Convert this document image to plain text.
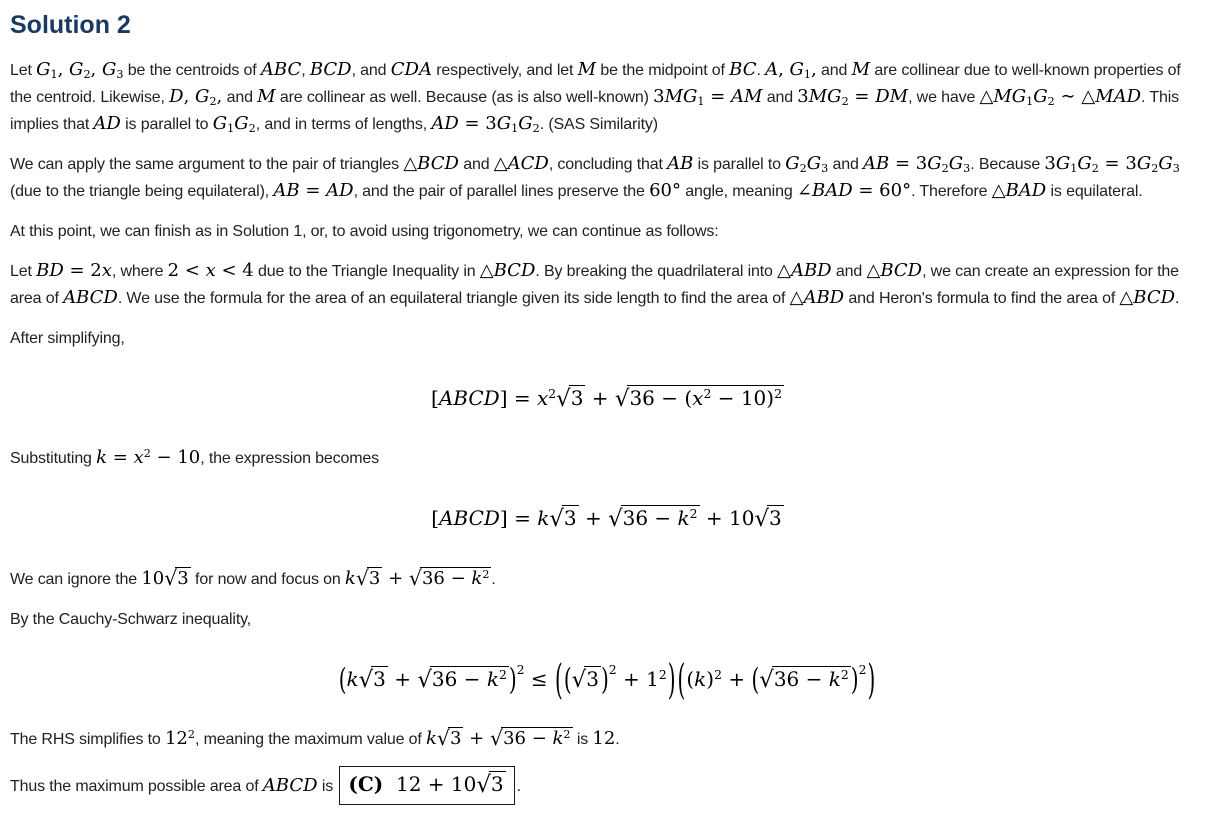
Solution 2

Let $G_1$, $G_2$, $G_3$ be the centroids of ABC, BCD, and CDA respectively, and let M be the midpoint of BC. A, $G_1$, and M are collinear due to well-known properties of the centroid. Likewise, D, $G_2$, and M are collinear as well. Because (as is also well-known) $3MG_1$ = AM and $3MG_2$ = DM, we have $\triangle MG_1G_2$ ∼ △MAD. This implies that AD is parallel to $G_1G_2$, and in terms of lengths, AD = $3G_1G_2$. (SAS Similarity)

We can apply the same argument to the pair of triangles △BCD and △ACD, concluding that AB is parallel to $G_2G_3$ and AB = $3G_2G_3$. Because $3G_1G_2 = 3G_2G_3$ (due to the triangle being equilateral), AB = AD, and the pair of parallel lines preserve the 60° angle, meaning ∠BAD = 60°. Therefore △BAD is equilateral.

At this point, we can finish as in Solution 1, or, to avoid using trigonometry, we can continue as follows:

Let BD = 2x, where 2 < x < 4 due to the Triangle Inequality in △BCD. By breaking the quadrilateral into △ABD and △BCD, we can create an expression for the area of ABCD. We use the formula for the area of an equilateral triangle given its side length to find the area of △ABD and Heron's formula to find the area of △BCD.

After simplifying,

[ABCD] = $x^2√3 + √36 - (x^2 - 10)^2$

Substituting $k = x^2 - 10$, the expression becomes

[ABCD] = $k√3 + √36 - k^2 + 10√3$

We can ignore the 10√3 for now and focus on $k√3 + √36 - k^2$ .

By the Cauchy-Schwarz inequality,

($k√3 + √36 - k^2$ )$^2$ ≤ ((√3 )$^2 + 1^2$) ($(k)^2 + (√36 - k^2$ )$^2$)

The RHS simplifies to $12^2$, meaning the maximum value of $k√3 + √36 - k^2$ is 12.

Thus the maximum possible area of ABCD is (C)  12 + 10√3 .
